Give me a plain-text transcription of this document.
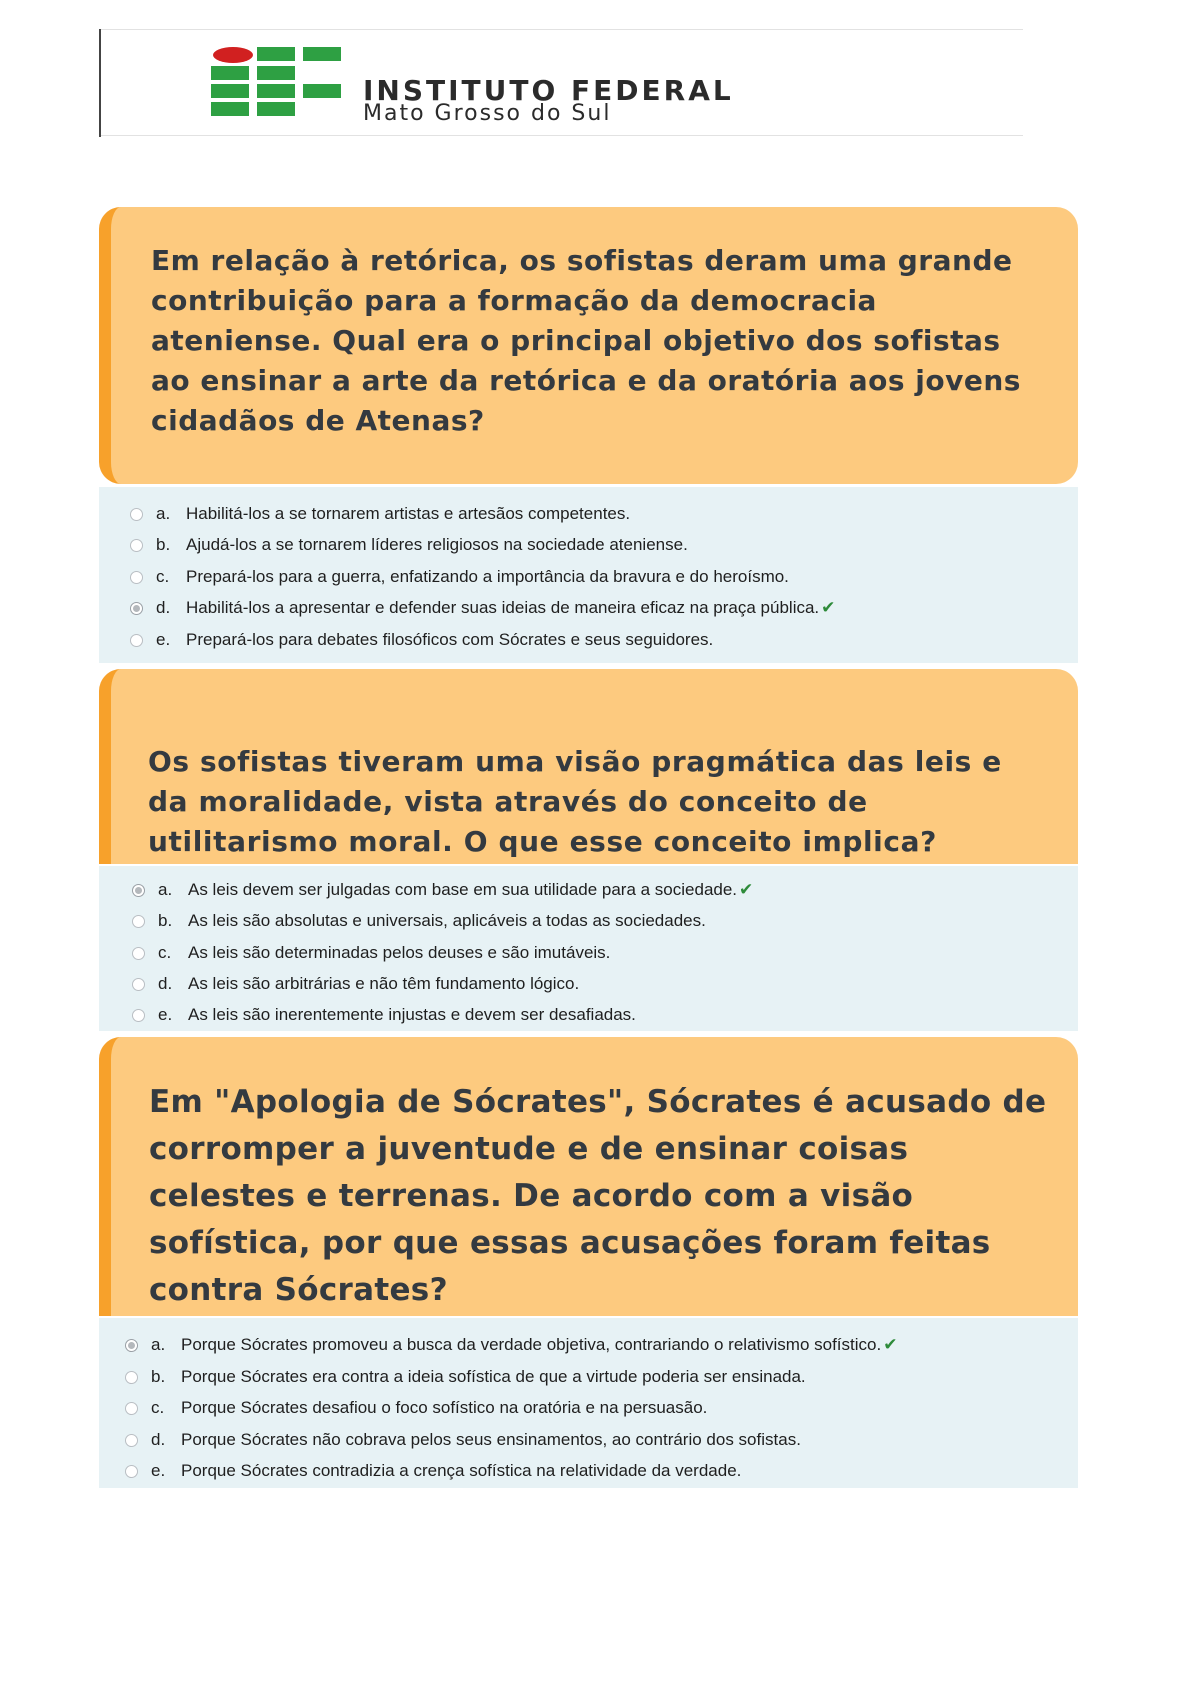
INSTITUTO FEDERAL
Mato Grosso do Sul

Em relação à retórica, os sofistas deram uma grande contribuição para a formação da democracia ateniense. Qual era o principal objetivo dos sofistas ao ensinar a arte da retórica e da oratória aos jovens cidadãos de Atenas?

a. Habilitá-los a se tornarem artistas e artesãos competentes.
b. Ajudá-los a se tornarem líderes religiosos na sociedade ateniense.
c. Prepará-los para a guerra, enfatizando a importância da bravura e do heroísmo.
d. Habilitá-los a apresentar e defender suas ideias de maneira eficaz na praça pública. ✔
e. Prepará-los para debates filosóficos com Sócrates e seus seguidores.

Os sofistas tiveram uma visão pragmática das leis e da moralidade, vista através do conceito de utilitarismo moral. O que esse conceito implica?

a. As leis devem ser julgadas com base em sua utilidade para a sociedade. ✔
b. As leis são absolutas e universais, aplicáveis a todas as sociedades.
c. As leis são determinadas pelos deuses e são imutáveis.
d. As leis são arbitrárias e não têm fundamento lógico.
e. As leis são inerentemente injustas e devem ser desafiadas.

Em "Apologia de Sócrates", Sócrates é acusado de corromper a juventude e de ensinar coisas celestes e terrenas. De acordo com a visão sofística, por que essas acusações foram feitas contra Sócrates?

a. Porque Sócrates promoveu a busca da verdade objetiva, contrariando o relativismo sofístico. ✔
b. Porque Sócrates era contra a ideia sofística de que a virtude poderia ser ensinada.
c. Porque Sócrates desafiou o foco sofístico na oratória e na persuasão.
d. Porque Sócrates não cobrava pelos seus ensinamentos, ao contrário dos sofistas.
e. Porque Sócrates contradizia a crença sofística na relatividade da verdade.
